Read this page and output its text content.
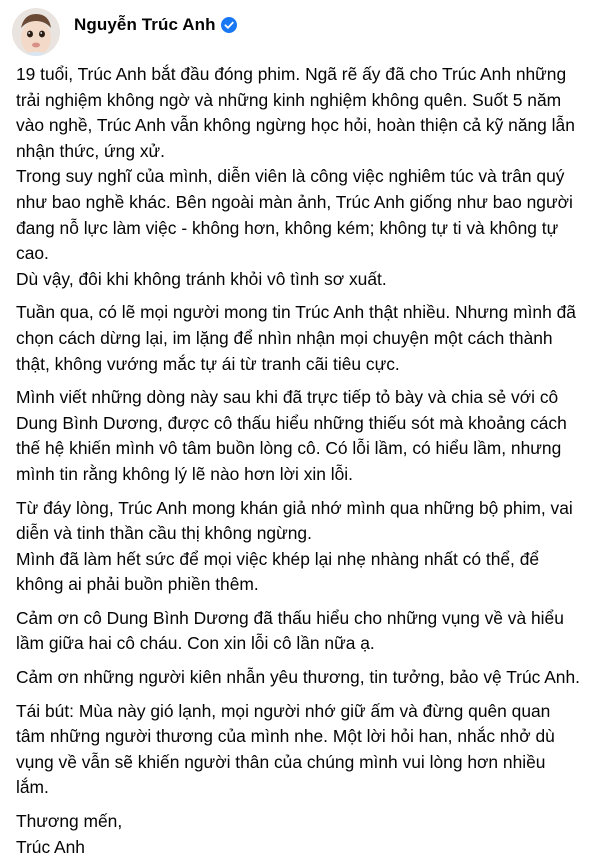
Nguyễn Trúc Anh
19 tuổi, Trúc Anh bắt đầu đóng phim. Ngã rẽ ấy đã cho Trúc Anh những
trải nghiệm không ngờ và những kinh nghiệm không quên. Suốt 5 năm
vào nghề, Trúc Anh vẫn không ngừng học hỏi, hoàn thiện cả kỹ năng lẫn
nhận thức, ứng xử.
Trong suy nghĩ của mình, diễn viên là công việc nghiêm túc và trân quý
như bao nghề khác. Bên ngoài màn ảnh, Trúc Anh giống như bao người
đang nỗ lực làm việc - không hơn, không kém; không tự ti và không tự
cao.
Dù vậy, đôi khi không tránh khỏi vô tình sơ xuất.
Tuần qua, có lẽ mọi người mong tin Trúc Anh thật nhiều. Nhưng mình đã
chọn cách dừng lại, im lặng để nhìn nhận mọi chuyện một cách thành
thật, không vướng mắc tự ái từ tranh cãi tiêu cực.
Mình viết những dòng này sau khi đã trực tiếp tỏ bày và chia sẻ với cô
Dung Bình Dương, được cô thấu hiểu những thiếu sót mà khoảng cách
thế hệ khiến mình vô tâm buồn lòng cô. Có lỗi lầm, có hiểu lầm, nhưng
mình tin rằng không lý lẽ nào hơn lời xin lỗi.
Từ đáy lòng, Trúc Anh mong khán giả nhớ mình qua những bộ phim, vai
diễn và tinh thần cầu thị không ngừng.
Mình đã làm hết sức để mọi việc khép lại nhẹ nhàng nhất có thể, để
không ai phải buồn phiền thêm.
Cảm ơn cô Dung Bình Dương đã thấu hiểu cho những vụng về và hiểu
lầm giữa hai cô cháu. Con xin lỗi cô lần nữa ạ.
Cảm ơn những người kiên nhẫn yêu thương, tin tưởng, bảo vệ Trúc Anh.
Tái bút: Mùa này gió lạnh, mọi người nhớ giữ ấm và đừng quên quan
tâm những người thương của mình nhe. Một lời hỏi han, nhắc nhở dù
vụng về vẫn sẽ khiến người thân của chúng mình vui lòng hơn nhiều
lắm.
Thương mến,
Trúc Anh
